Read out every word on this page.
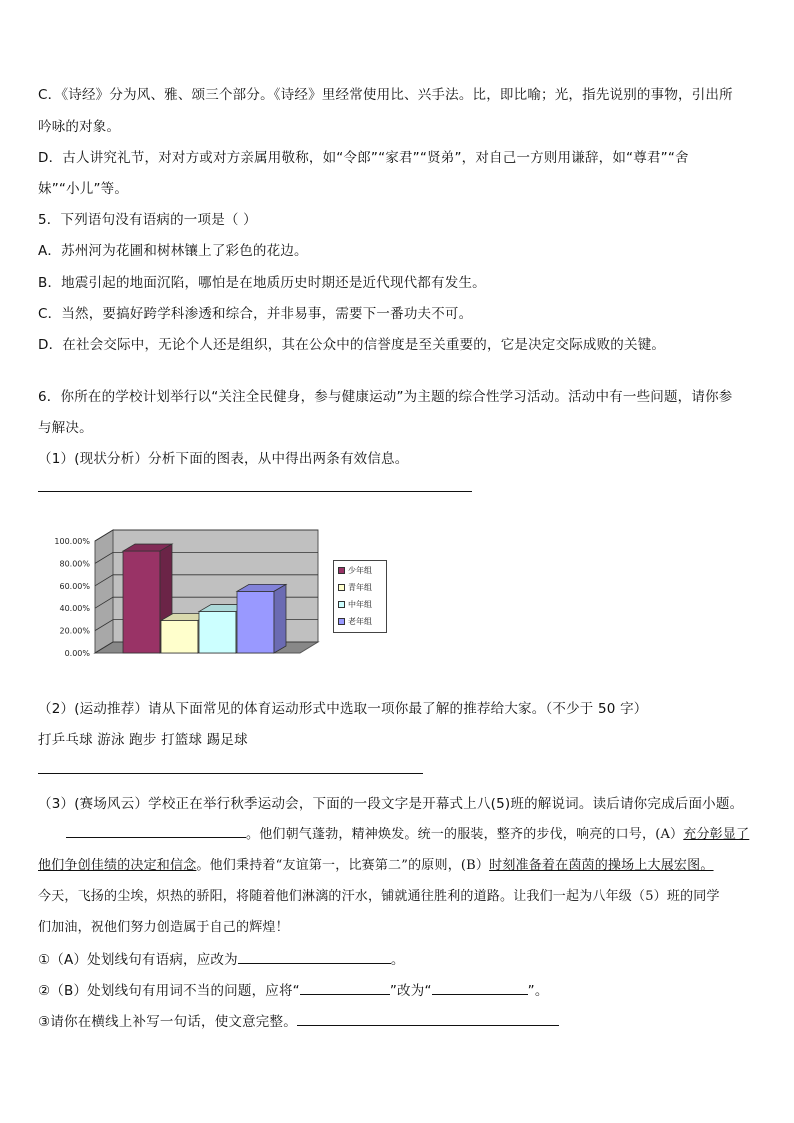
C．《诗经》分为风、雅、颂三个部分。《诗经》里经常使用比、兴手法。比，即比喻；光，指先说别的事物，引出所
吟咏的对象。
D．古人讲究礼节，对对方或对方亲属用敬称，如“令郎”“家君”“贤弟”，对自己一方则用谦辞，如“尊君”“舍
妹”“小儿”等。
5．下列语句没有语病的一项是（ ）
A．苏州河为花圃和树林镶上了彩色的花边。
B．地震引起的地面沉陷，哪怕是在地质历史时期还是近代现代都有发生。
C．当然，要搞好跨学科渗透和综合，并非易事，需要下一番功夫不可。
D．在社会交际中，无论个人还是组织，其在公众中的信誉度是至关重要的，它是决定交际成败的关键。
6．你所在的学校计划举行以“关注全民健身，参与健康运动”为主题的综合性学习活动。活动中有一些问题，请你参
与解决。
（1）(现状分析）分析下面的图表，从中得出两条有效信息。
0.00%
20.00%
40.00%
60.00%
80.00%
100.00%
少年组
青年组
中年组
老年组
（2）(运动推荐）请从下面常见的体育运动形式中选取一项你最了解的推荐给大家。（不少于 50 字）
打乒乓球 游泳 跑步 打篮球 踢足球
（3）(赛场风云）学校正在举行秋季运动会，下面的一段文字是开幕式上八(5)班的解说词。读后请你完成后面小题。
。他们朝气蓬勃，精神焕发。统一的服装，整齐的步伐，响亮的口号，(A）充分彰显了
他们争创佳绩的决定和信念。他们秉持着“友谊第一，比赛第二”的原则，(B）时刻准备着在茵茵的操场上大展宏图。
今天，飞扬的尘埃，炽热的骄阳，将随着他们淋漓的汗水，铺就通往胜利的道路。让我们一起为八年级（5）班的同学
们加油，祝他们努力创造属于自己的辉煌！
①（A）处划线句有语病，应改为	。
②（B）处划线句有用词不当的问题，应将“	”改为“	”。
③请你在横线上补写一句话，使文意完整。
